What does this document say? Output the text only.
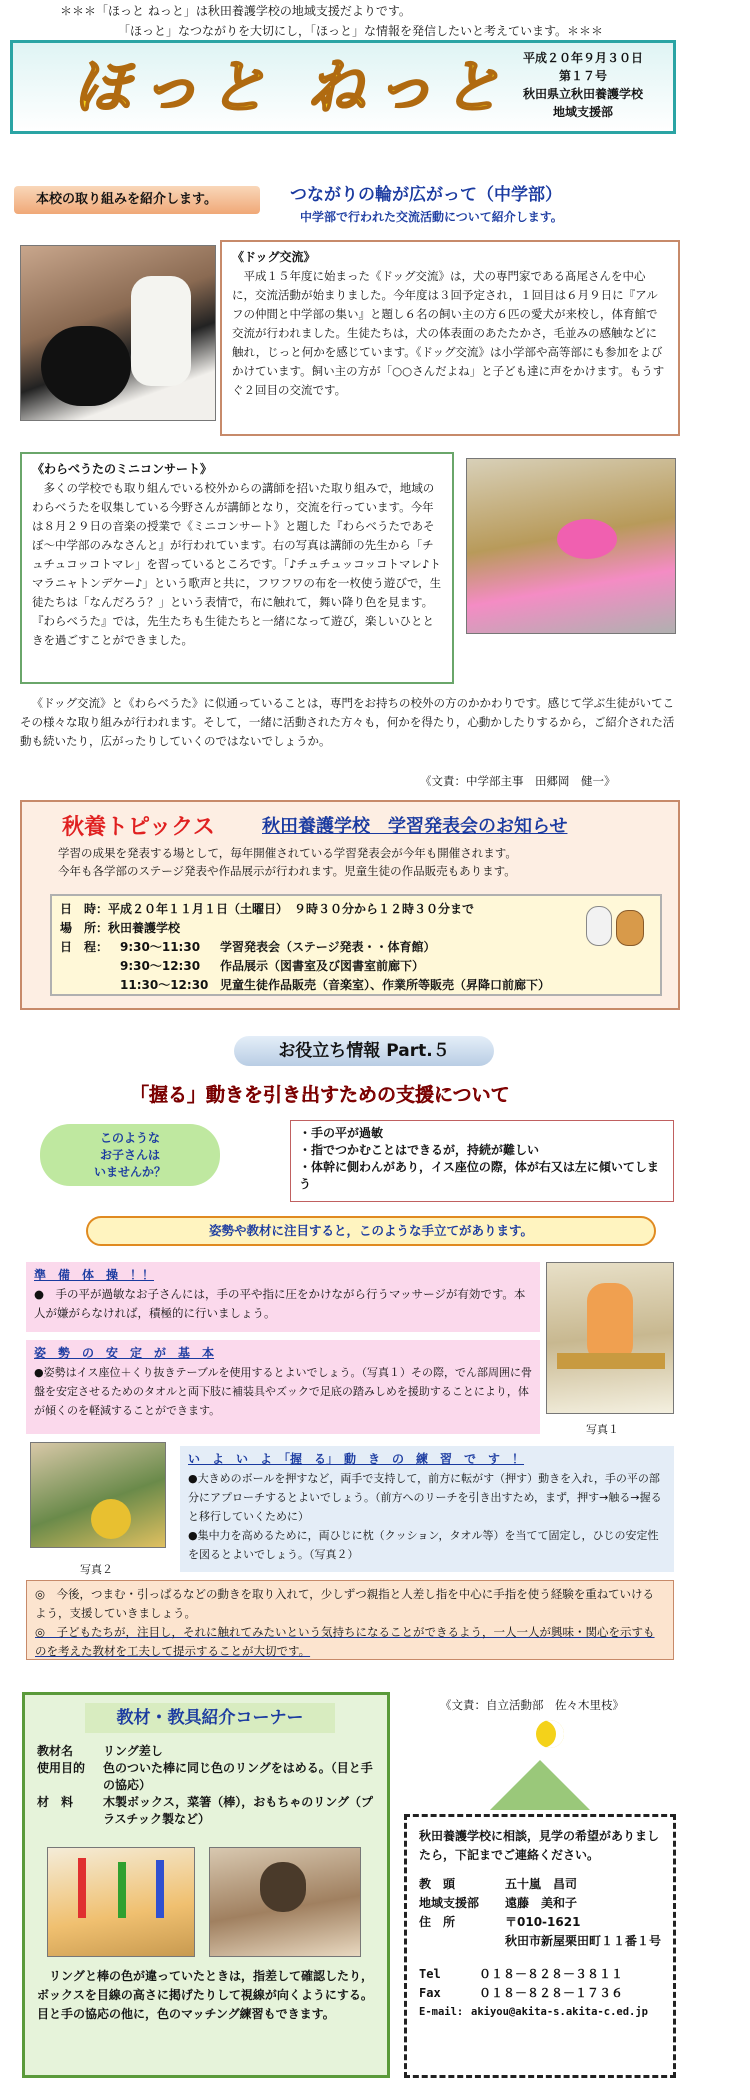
＊＊＊「ほっと ねっと」は秋田養護学校の地域支援だよりです。
「ほっと」なつながりを大切にし，「ほっと」な情報を発信したいと考えています。＊＊＊
ほっと ねっと 平成２０年９月３０日
第１７号
秋田県立秋田養護学校
地域支援部
本校の取り組みを紹介します。	つながりの輪が広がって（中学部）
中学部で行われた交流活動について紹介します。
《ドッグ交流》
平成１５年度に始まった《ドッグ交流》は，犬の専門家である髙尾さんを中心に，交流活動が始まりました。今年度は３回予定され，１回目は６月９日に『アルフの仲間と中学部の集い』と題し６名の飼い主の方６匹の愛犬が来校し，体育館で交流が行われました。生徒たちは，犬の体表面のあたたかさ，毛並みの感触などに触れ，じっと何かを感じています。《ドッグ交流》は小学部や高等部にも参加をよびかけています。飼い主の方が「○○さんだよね」と子ども達に声をかけます。もうすぐ２回目の交流です。
《わらべうたのミニコンサート》
多くの学校でも取り組んでいる校外からの講師を招いた取り組みで，地域のわらべうたを収集している今野さんが講師となり，交流を行っています。今年は８月２９日の音楽の授業で《ミニコンサート》と題した『わらべうたであそぼ～中学部のみなさんと』が行われています。右の写真は講師の先生から「チュチュコッコトマレ」を習っているところです。「♪チュチュッコッコトマレ♪トマラニャトンデケー♪」という歌声と共に，フワフワの布を一枚使う遊びで，生徒たちは「なんだろう？」という表情で，布に触れて，舞い降り色を見ます。『わらべうた』では，先生たちも生徒たちと一緒になって遊び，楽しいひとときを過ごすことができました。
《ドッグ交流》と《わらべうた》に似通っていることは，専門をお持ちの校外の方のかかわりです。感じて学ぶ生徒がいてこその様々な取り組みが行われます。そして，一緒に活動された方々も，何かを得たり，心動かしたりするから，ご紹介された活動も続いたり，広がったりしていくのではないでしょうか。
《文責：中学部主事　田郷岡　健一》
秋養トピックス	秋田養護学校　学習発表会のお知らせ
学習の成果を発表する場として，毎年開催されている学習発表会が今年も開催されます。
今年も各学部のステージ発表や作品展示が行われます。児童生徒の作品販売もあります。
日　時：平成２０年１１月１日（土曜日）　９時３０分から１２時３０分まで
場　所：秋田養護学校
日　程： 9:30～11:30	学習発表会（ステージ発表・・体育館）
9:30～12:30	作品展示（図書室及び図書室前廊下）
11:30～12:30 児童生徒作品販売（音楽室）、作業所等販売（昇降口前廊下）
お役立ち情報 Part.５
「握る」動きを引き出すための支援について
このような
お子さんは
いませんか？
・手の平が過敏
・指でつかむことはできるが，持続が難しい
・体幹に側わんがあり，イス座位の際，体が右又は左に傾いてしまう
姿勢や教材に注目すると，このような手立てがあります。
準　備　体　操　！！
●　手の平が過敏なお子さんには，手の平や指に圧をかけながら行うマッサージが有効です。本人が嫌がらなければ，積極的に行いましょう。
姿　勢　の　安　定　が　基　本
●姿勢はイス座位＋くり抜きテーブルを使用するとよいでしょう。（写真１）その際，でん部周囲に骨盤を安定させるためのタオルと両下肢に補装具やズックで足底の踏みしめを援助することにより，体が傾くのを軽減することができます。
写真１
写真２
い　よ　い　よ　「握　る」　動　き　の　練　習　で　す　！
●大きめのボールを押すなど，両手で支持して，前方に転がす（押す）動きを入れ，手の平の部分にアプローチするとよいでしょう。（前方へのリーチを引き出すため，まず，押す→触る→握ると移行していくために）
●集中力を高めるために，両ひじに枕（クッション，タオル等）を当てて固定し，ひじの安定性を図るとよいでしょう。（写真２）
◎　今後，つまむ・引っぱるなどの動きを取り入れて，少しずつ親指と人差し指を中心に手指を使う経験を重ねていけるよう，支援していきましょう。
◎　子どもたちが，注目し，それに触れてみたいという気持ちになることができるよう，一人一人が興味・関心を示すものを考えた教材を工夫して提示することが大切です。
教材・教具紹介コーナー
教材名	リング差し
使用目的	色のついた棒に同じ色のリングをはめる。（目と手の協応）
材　料	木製ボックス，菜箸（棒），おもちゃのリング（プラスチック製など）
リングと棒の色が違っていたときは，指差して確認したり，ボックスを目線の高さに掲げたりして視線が向くようにする。目と手の協応の他に，色のマッチング練習もできます。
《文責：自立活動部　佐々木里枝》
秋田養護学校に相談，見学の希望がありましたら，下記までご連絡ください。
教　頭	五十嵐　昌司
地域支援部	遠藤　美和子
住　所	〒010-1621
秋田市新屋栗田町１１番１号
Tel	０１８－８２８－３８１１
Fax	０１８－８２８－１７３６
E-mail: akiyou@akita-s.akita-c.ed.jp
